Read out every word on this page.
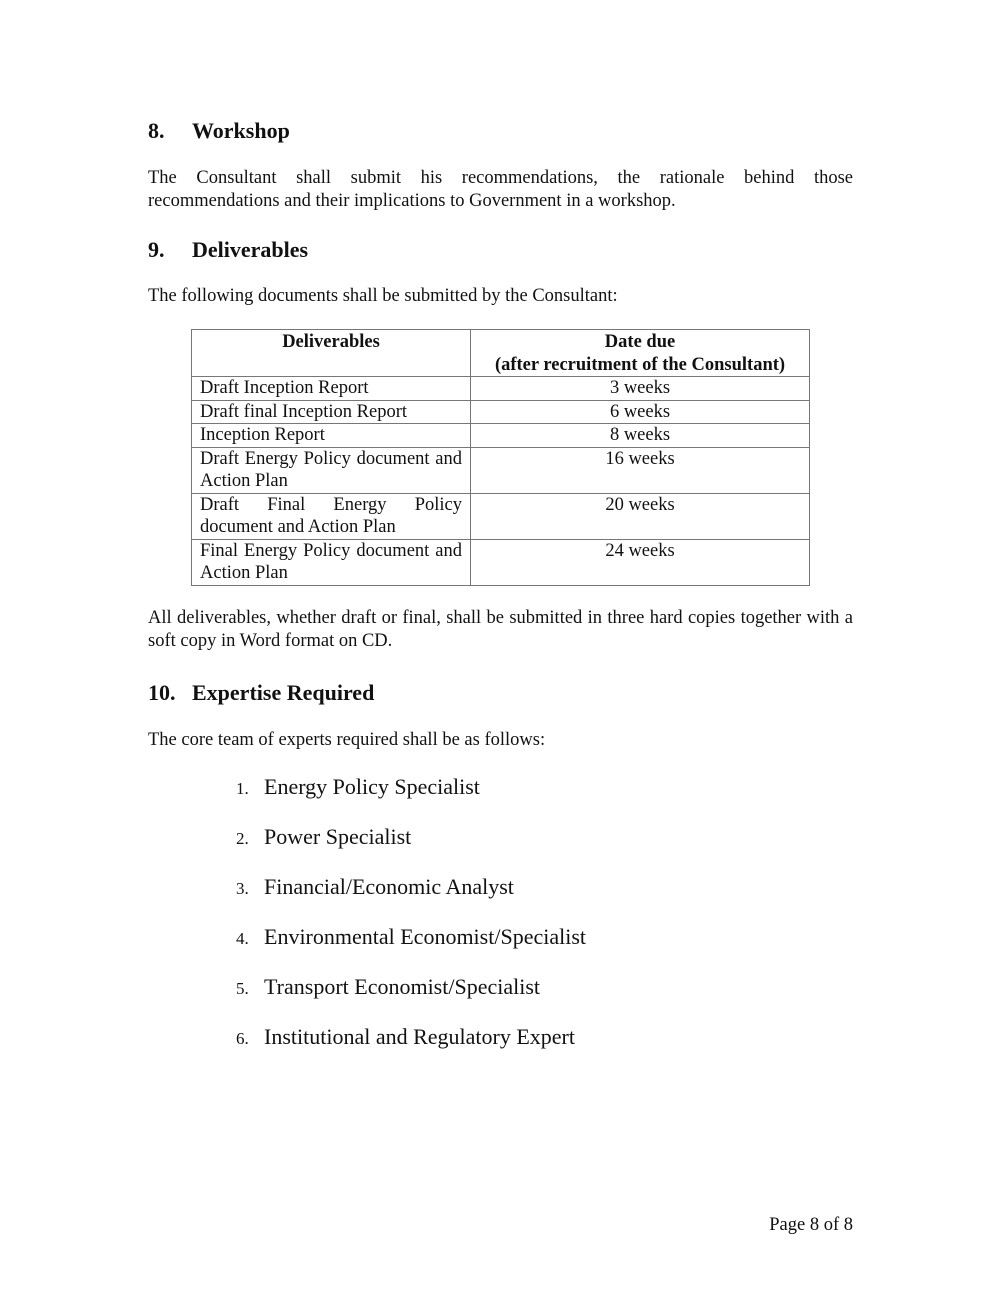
8.	Workshop

The Consultant shall submit his recommendations, the rationale behind those recommendations and their implications to Government in a workshop.

9.	Deliverables

The following documents shall be submitted by the Consultant:

Deliverables	Date due
(after recruitment of the Consultant)

Draft Inception Report	3 weeks
Draft final Inception Report	6 weeks
Inception Report	8 weeks
Draft Energy Policy document and Action Plan	16 weeks
Draft Final Energy Policy document and Action Plan	20 weeks
Final Energy Policy document and Action Plan	24 weeks

All deliverables, whether draft or final, shall be submitted in three hard copies together with a soft copy in Word format on CD.

10. Expertise Required

The core team of experts required shall be as follows:

1. Energy Policy Specialist
2. Power Specialist
3. Financial/Economic Analyst
4. Environmental Economist/Specialist
5. Transport Economist/Specialist
6. Institutional and Regulatory Expert

Page 8 of 8
